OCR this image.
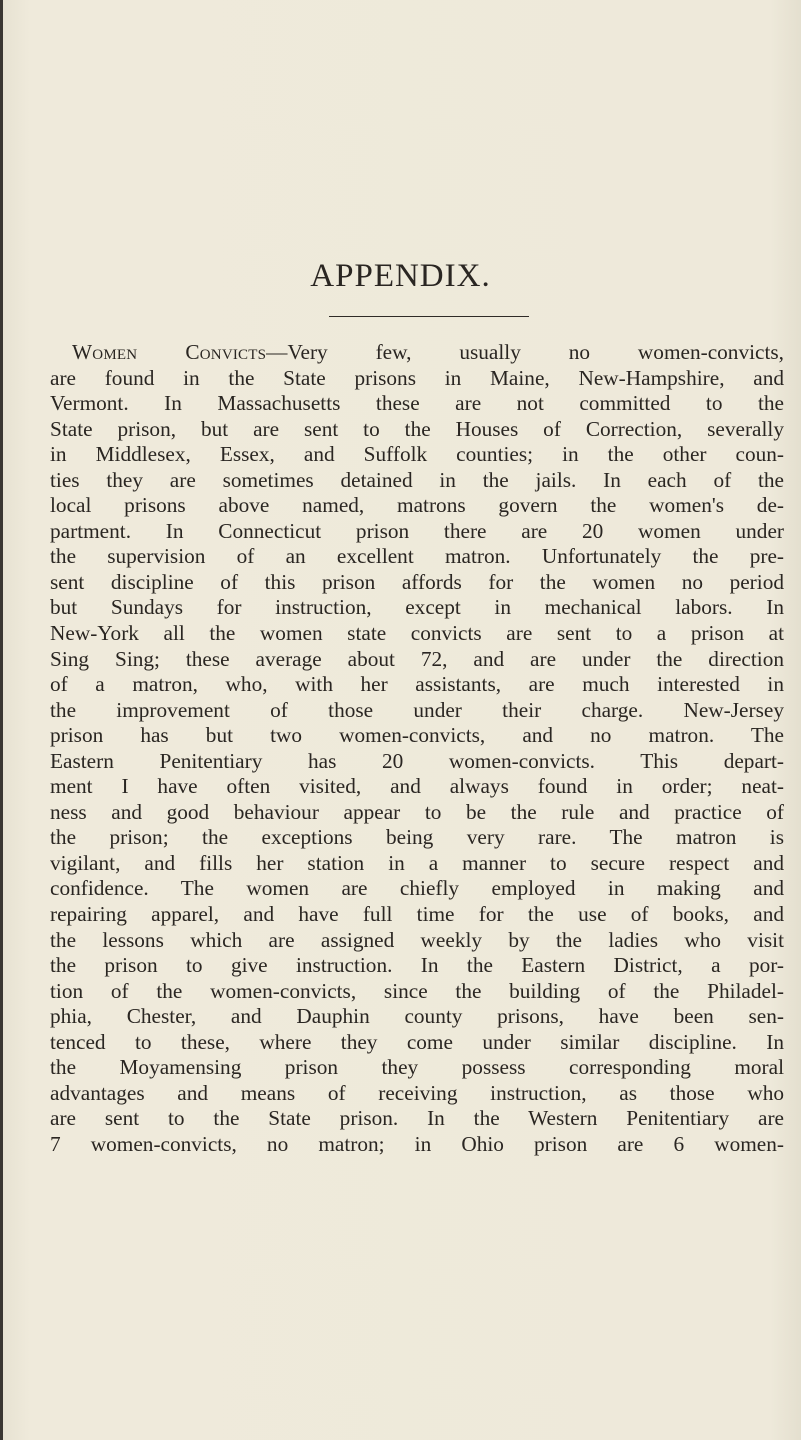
APPENDIX.
Women Convicts—Very few, usually no women-convicts,
are found in the State prisons in Maine, New-Hampshire, and
Vermont. In Massachusetts these are not committed to the
State prison, but are sent to the Houses of Correction, severally
in Middlesex, Essex, and Suffolk counties; in the other coun-
ties they are sometimes detained in the jails. In each of the
local prisons above named, matrons govern the women's de-
partment. In Connecticut prison there are 20 women under
the supervision of an excellent matron. Unfortunately the pre-
sent discipline of this prison affords for the women no period
but Sundays for instruction, except in mechanical labors. In
New-York all the women state convicts are sent to a prison at
Sing Sing; these average about 72, and are under the direction
of a matron, who, with her assistants, are much interested in
the improvement of those under their charge. New-Jersey
prison has but two women-convicts, and no matron. The
Eastern Penitentiary has 20 women-convicts. This depart-
ment I have often visited, and always found in order; neat-
ness and good behaviour appear to be the rule and practice of
the prison; the exceptions being very rare. The matron is
vigilant, and fills her station in a manner to secure respect and
confidence. The women are chiefly employed in making and
repairing apparel, and have full time for the use of books, and
the lessons which are assigned weekly by the ladies who visit
the prison to give instruction. In the Eastern District, a por-
tion of the women-convicts, since the building of the Philadel-
phia, Chester, and Dauphin county prisons, have been sen-
tenced to these, where they come under similar discipline. In
the Moyamensing prison they possess corresponding moral
advantages and means of receiving instruction, as those who
are sent to the State prison. In the Western Penitentiary are
7 women-convicts, no matron; in Ohio prison are 6 women-
